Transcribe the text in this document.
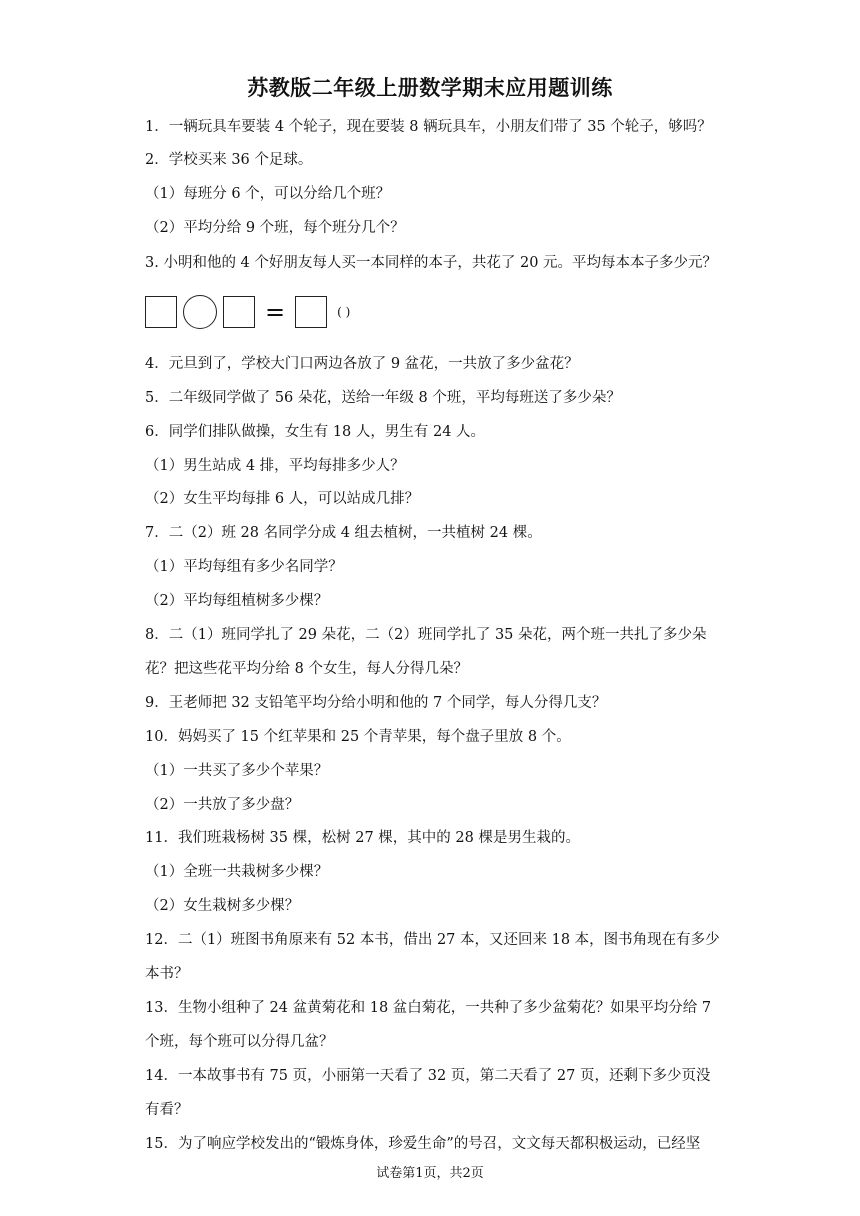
苏教版二年级上册数学期末应用题训练
1．一辆玩具车要装 4 个轮子，现在要装 8 辆玩具车，小朋友们带了 35 个轮子，够吗？
2．学校买来 36 个足球。
（1）每班分 6 个，可以分给几个班？
（2）平均分给 9 个班，每个班分几个？
3. 小明和他的 4 个好朋友每人买一本同样的本子，共花了 20 元。平均每本本子多少元？
=	( )
4．元旦到了，学校大门口两边各放了 9 盆花，一共放了多少盆花？
5．二年级同学做了 56 朵花，送给一年级 8 个班，平均每班送了多少朵？
6．同学们排队做操，女生有 18 人，男生有 24 人。
（1）男生站成 4 排，平均每排多少人？
（2）女生平均每排 6 人，可以站成几排？
7．二（2）班 28 名同学分成 4 组去植树，一共植树 24 棵。
（1）平均每组有多少名同学？
（2）平均每组植树多少棵？
8．二（1）班同学扎了 29 朵花，二（2）班同学扎了 35 朵花，两个班一共扎了多少朵
花？把这些花平均分给 8 个女生，每人分得几朵？
9．王老师把 32 支铅笔平均分给小明和他的 7 个同学，每人分得几支？
10．妈妈买了 15 个红苹果和 25 个青苹果，每个盘子里放 8 个。
（1）一共买了多少个苹果？
（2）一共放了多少盘？
11．我们班栽杨树 35 棵，松树 27 棵，其中的 28 棵是男生栽的。
（1）全班一共栽树多少棵？
（2）女生栽树多少棵？
12．二（1）班图书角原来有 52 本书，借出 27 本，又还回来 18 本，图书角现在有多少
本书？
13．生物小组种了 24 盆黄菊花和 18 盆白菊花，一共种了多少盆菊花？如果平均分给 7
个班，每个班可以分得几盆？
14．一本故事书有 75 页，小丽第一天看了 32 页，第二天看了 27 页，还剩下多少页没
有看？
15．为了响应学校发出的“锻炼身体，珍爱生命”的号召，文文每天都积极运动，已经坚
试卷第1页，共2页
